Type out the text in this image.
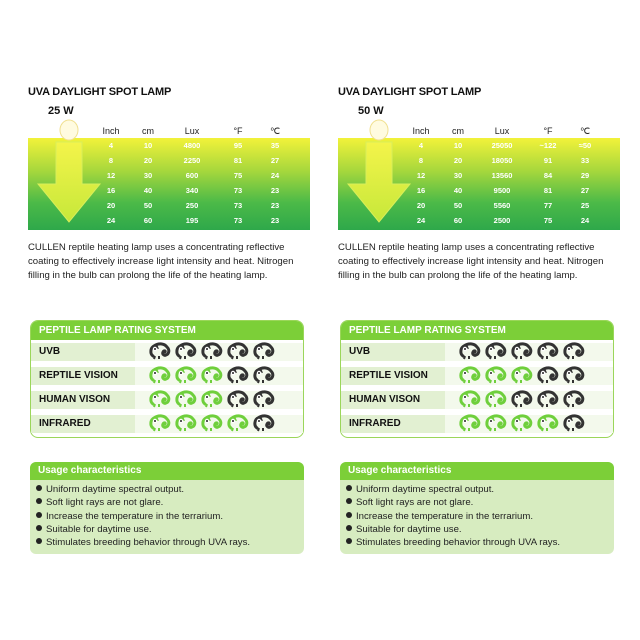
UVA DAYLIGHT SPOT LAMP
25 W
Inch	cm	Lux	°F	℃
4	10	4800	95	35
8	20	2250	81	27
12	30	600	75	24
16	40	340	73	23
20	50	250	73	23
24	60	195	73	23
CULLEN reptile heating lamp uses a concentrating reflective coating to effectively increase light intensity and heat. Nitrogen filling in the bulb can prolong the life of the heating lamp.
PEPTILE LAMP RATING SYSTEM
UVB
REPTILE VISION
HUMAN VISON
INFRARED
Usage characteristics
Uniform daytime spectral output.
Soft light rays are not glare.
Increase the temperature in the terrarium.
Suitable for daytime use.
Stimulates breeding behavior through UVA rays.
UVA DAYLIGHT SPOT LAMP
50 W
Inch	cm	Lux	°F	℃
4	10	25050	~122	≈50
8	20	18050	91	33
12	30	13560	84	29
16	40	9500	81	27
20	50	5560	77	25
24	60	2500	75	24
CULLEN reptile heating lamp uses a concentrating reflective coating to effectively increase light intensity and heat. Nitrogen filling in the bulb can prolong the life of the heating lamp.
PEPTILE LAMP RATING SYSTEM
UVB
REPTILE VISION
HUMAN VISON
INFRARED
Usage characteristics
Uniform daytime spectral output.
Soft light rays are not glare.
Increase the temperature in the terrarium.
Suitable for daytime use.
Stimulates breeding behavior through UVA rays.
